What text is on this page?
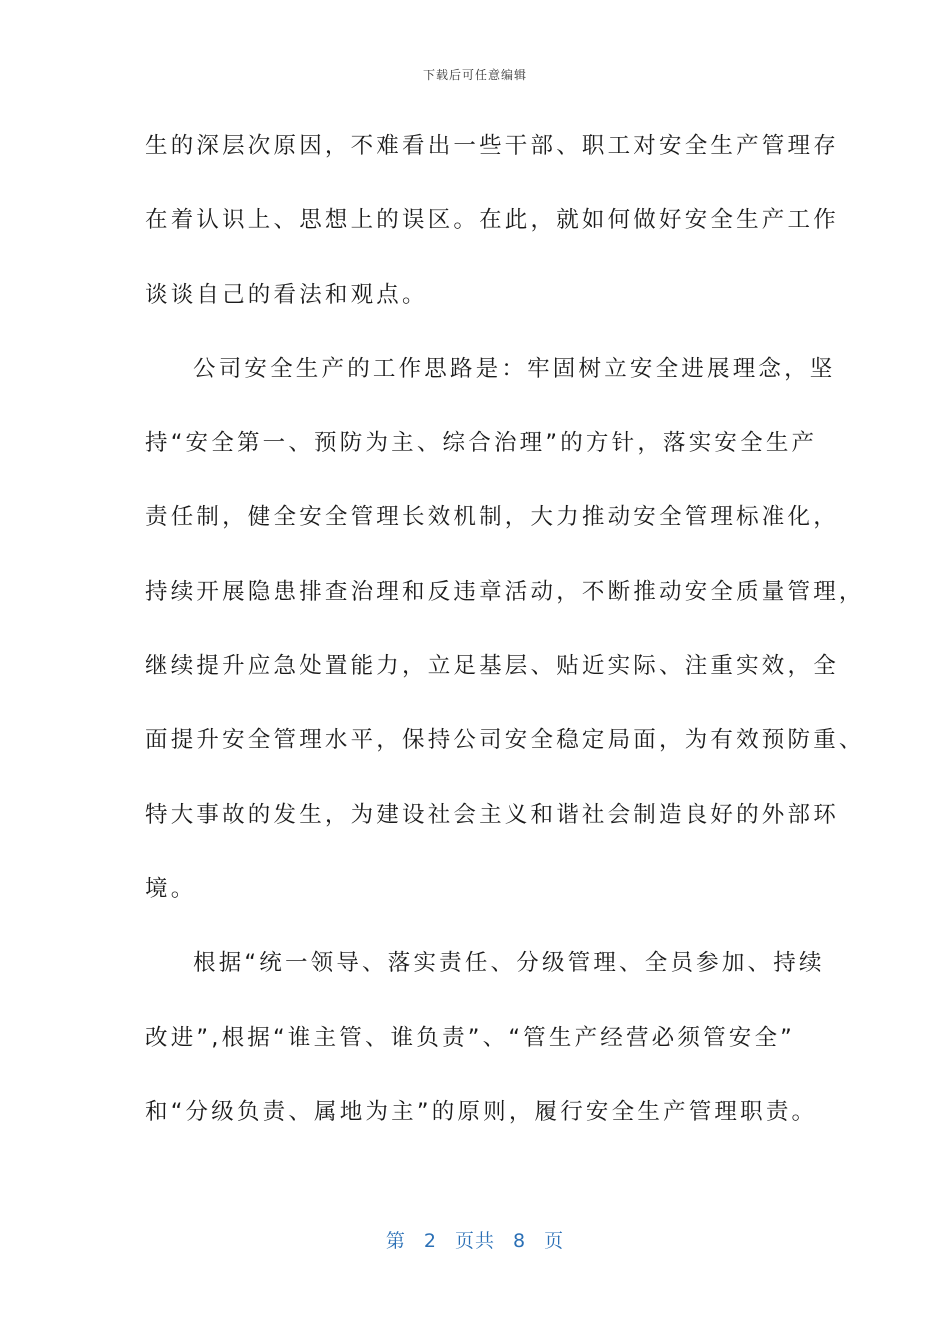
下载后可任意编辑
生的深层次原因，不难看出一些干部、职工对安全生产管理存
在着认识上、思想上的误区。在此，就如何做好安全生产工作
谈谈自己的看法和观点。
公司安全生产的工作思路是：牢固树立安全进展理念，坚
持“安全第一、预防为主、综合治理”的方针，落实安全生产
责任制，健全安全管理长效机制，大力推动安全管理标准化，
持续开展隐患排查治理和反违章活动，不断推动安全质量管理，
继续提升应急处置能力，立足基层、贴近实际、注重实效，全
面提升安全管理水平，保持公司安全稳定局面，为有效预防重、
特大事故的发生，为建设社会主义和谐社会制造良好的外部环
境。
根据“统一领导、落实责任、分级管理、全员参加、持续
改进”,根据“谁主管、谁负责”、“管生产经营必须管安全”
和“分级负责、属地为主”的原则，履行安全生产管理职责。
第 2 页共 8 页
